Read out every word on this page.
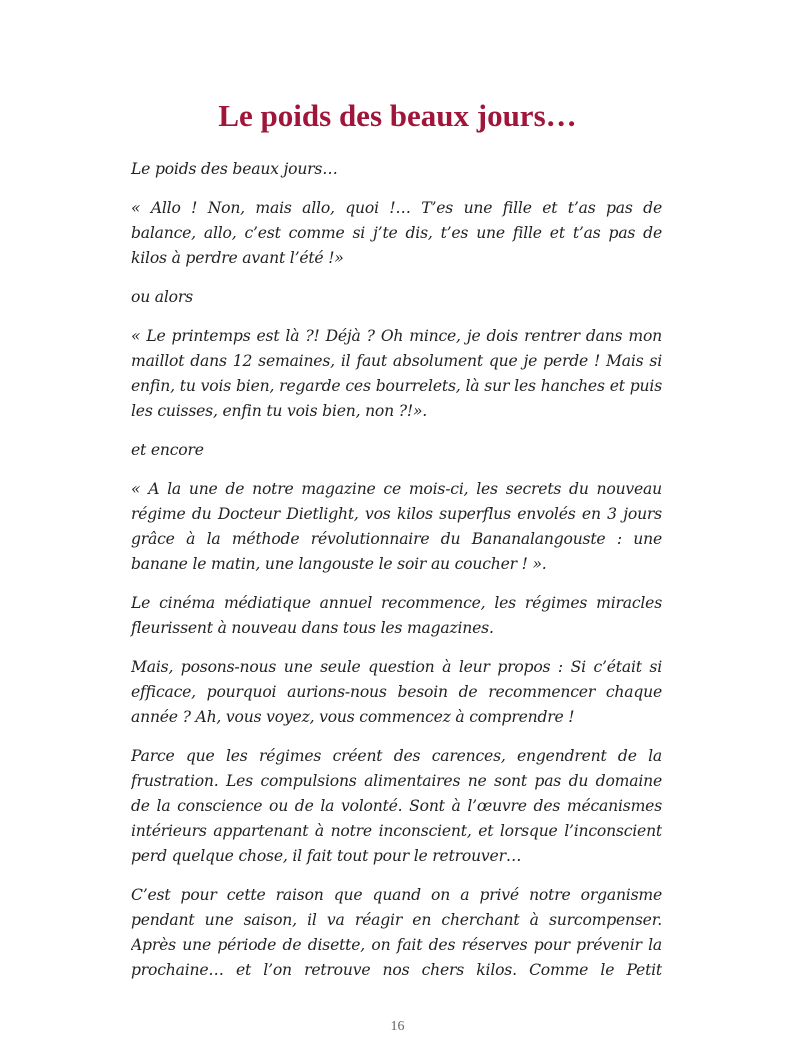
Le poids des beaux jours…

Le poids des beaux jours…

« Allo ! Non, mais allo, quoi !… T’es une fille et t’as pas de
balance, allo, c’est comme si j’te dis, t’es une fille et t’as pas de
kilos à perdre avant l’été !»

ou alors

« Le printemps est là ?! Déjà ? Oh mince, je dois rentrer dans mon
maillot dans 12 semaines, il faut absolument que je perde ! Mais si
enfin, tu vois bien, regarde ces bourrelets, là sur les hanches et puis
les cuisses, enfin tu vois bien, non ?!».

et encore

« A la une de notre magazine ce mois-ci, les secrets du nouveau
régime du Docteur Dietlight, vos kilos superflus envolés en 3 jours
grâce à la méthode révolutionnaire du Bananalangouste : une
banane le matin, une langouste le soir au coucher ! ».

Le cinéma médiatique annuel recommence, les régimes miracles
fleurissent à nouveau dans tous les magazines.

Mais, posons-nous une seule question à leur propos : Si c’était si
efficace, pourquoi aurions-nous besoin de recommencer chaque
année ? Ah, vous voyez, vous commencez à comprendre !

Parce que les régimes créent des carences, engendrent de la
frustration. Les compulsions alimentaires ne sont pas du domaine
de la conscience ou de la volonté. Sont à l’œuvre des mécanismes
intérieurs appartenant à notre inconscient, et lorsque l’inconscient
perd quelque chose, il fait tout pour le retrouver…

C’est pour cette raison que quand on a privé notre organisme
pendant une saison, il va réagir en cherchant à surcompenser.
Après une période de disette, on fait des réserves pour prévenir la
prochaine… et l’on retrouve nos chers kilos. Comme le Petit

16
